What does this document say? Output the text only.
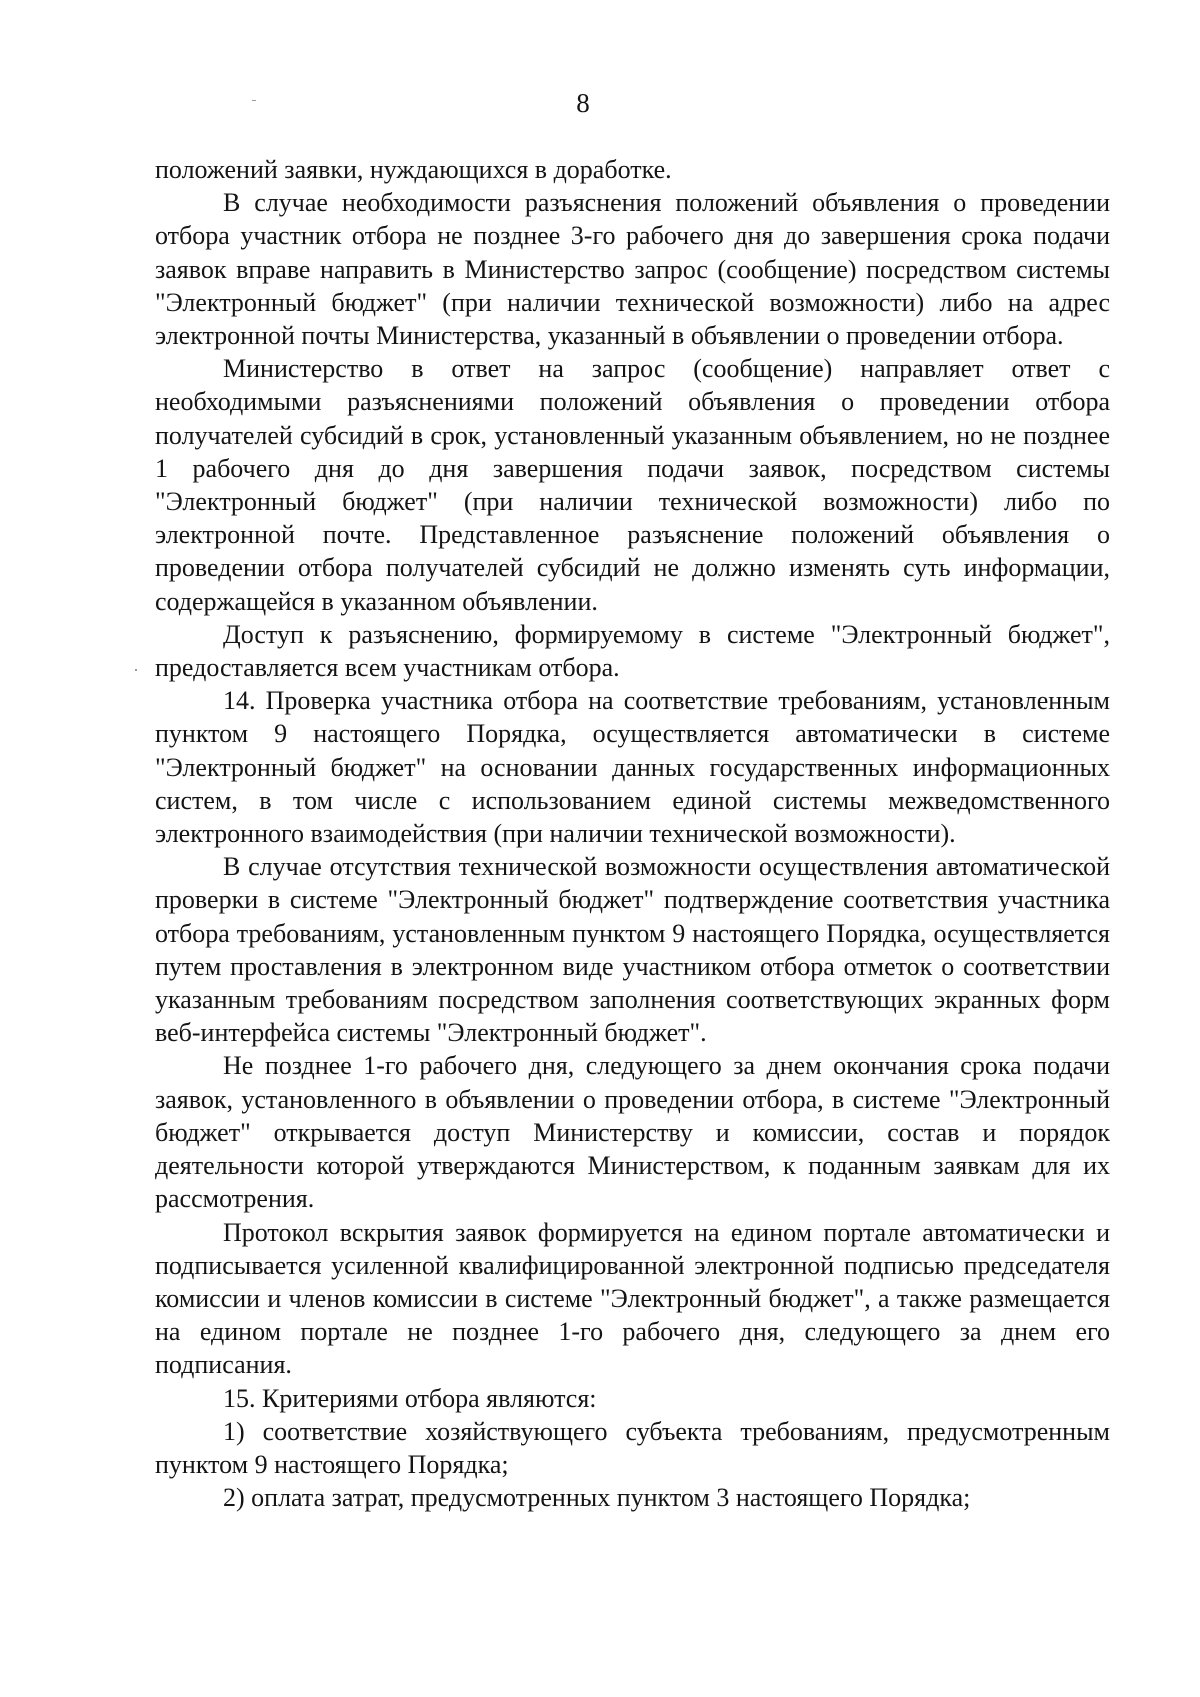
8

положений заявки, нуждающихся в доработке.

В случае необходимости разъяснения положений объявления о проведении отбора участник отбора не позднее 3-го рабочего дня до завершения срока подачи заявок вправе направить в Министерство запрос (сообщение) посредством системы "Электронный бюджет" (при наличии технической возможности) либо на адрес электронной почты Министерства, указанный в объявлении о проведении отбора.

Министерство в ответ на запрос (сообщение) направляет ответ с необходимыми разъяснениями положений объявления о проведении отбора получателей субсидий в срок, установленный указанным объявлением, но не позднее 1 рабочего дня до дня завершения подачи заявок, посредством системы "Электронный бюджет" (при наличии технической возможности) либо по электронной почте. Представленное разъяснение положений объявления о проведении отбора получателей субсидий не должно изменять суть информации, содержащейся в указанном объявлении.

Доступ к разъяснению, формируемому в системе "Электронный бюджет", предоставляется всем участникам отбора.

14. Проверка участника отбора на соответствие требованиям, установленным пунктом 9 настоящего Порядка, осуществляется автоматически в системе "Электронный бюджет" на основании данных государственных информационных систем, в том числе с использованием единой системы межведомственного электронного взаимодействия (при наличии технической возможности).

В случае отсутствия технической возможности осуществления автоматической проверки в системе "Электронный бюджет" подтверждение соответствия участника отбора требованиям, установленным пунктом 9 настоящего Порядка, осуществляется путем проставления в электронном виде участником отбора отметок о соответствии указанным требованиям посредством заполнения соответствующих экранных форм веб-интерфейса системы "Электронный бюджет".

Не позднее 1-го рабочего дня, следующего за днем окончания срока подачи заявок, установленного в объявлении о проведении отбора, в системе "Электронный бюджет" открывается доступ Министерству и комиссии, состав и порядок деятельности которой утверждаются Министерством, к поданным заявкам для их рассмотрения.

Протокол вскрытия заявок формируется на едином портале автоматически и подписывается усиленной квалифицированной электронной подписью председателя комиссии и членов комиссии в системе "Электронный бюджет", а также размещается на едином портале не позднее 1-го рабочего дня, следующего за днем его подписания.

15. Критериями отбора являются:

1) соответствие хозяйствующего субъекта требованиям, предусмотренным пунктом 9 настоящего Порядка;

2) оплата затрат, предусмотренных пунктом 3 настоящего Порядка;
